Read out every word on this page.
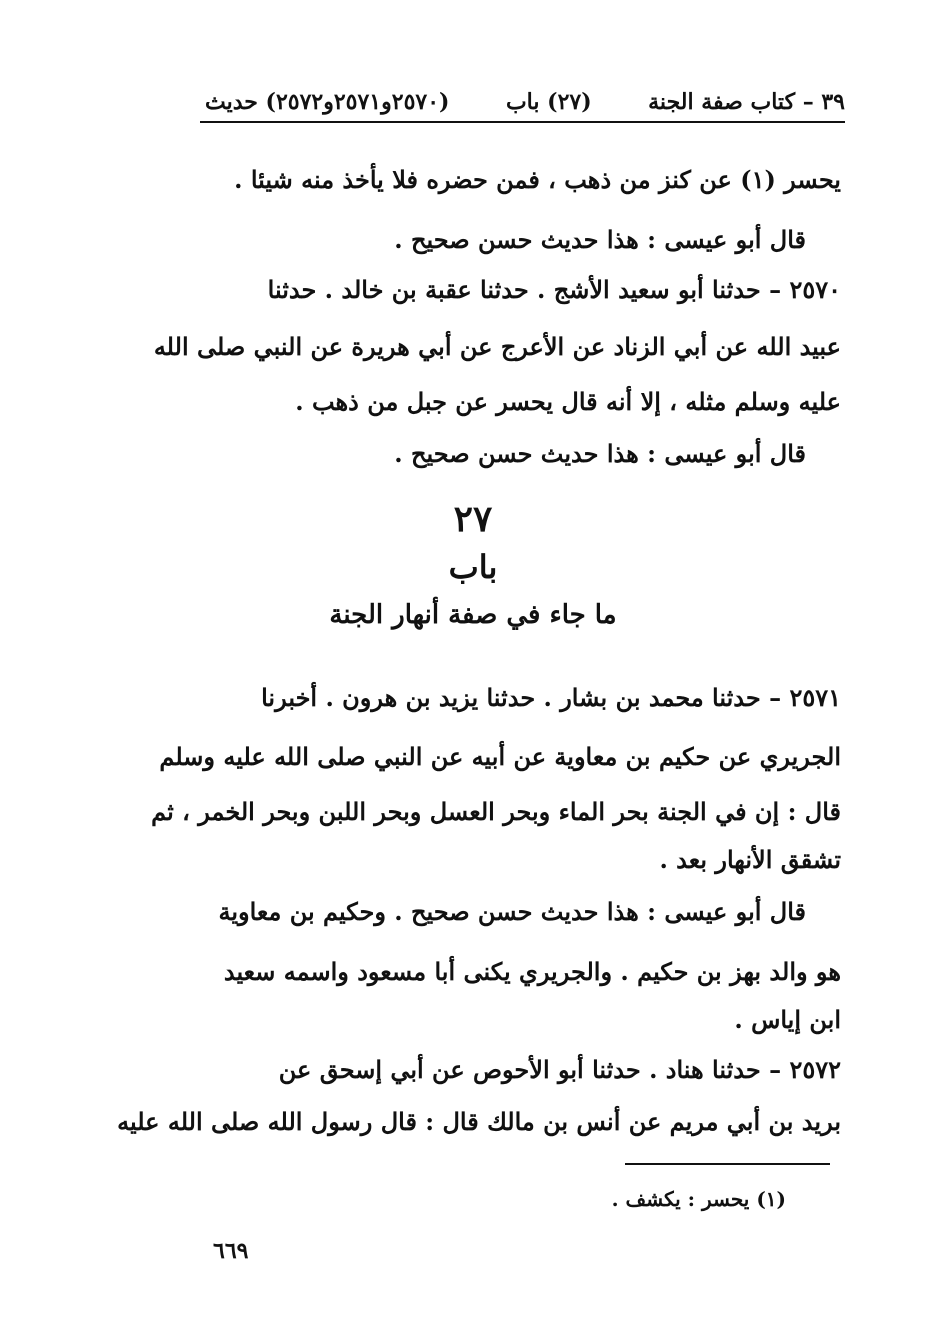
٣٩ – كتاب صفة الجنة
(٢٧) باب
(٢٥٧٠و٢٥٧١و٢٥٧٢) حديث
يحسر (١) عن كنز من ذهب ، فمن حضره فلا يأخذ منه شيئا .
قال أبو عيسى : هذا حديث حسن صحيح .
٢٥٧٠ – حدثنا أبو سعيد الأشج . حدثنا عقبة بن خالد . حدثنا
عبيد الله عن أبي الزناد عن الأعرج عن أبي هريرة عن النبي صلى الله
عليه وسلم مثله ، إلا أنه قال يحسر عن جبل من ذهب .
قال أبو عيسى : هذا حديث حسن صحيح .
٢٧
باب
ما جاء في صفة أنهار الجنة
٢٥٧١ – حدثنا محمد بن بشار . حدثنا يزيد بن هرون . أخبرنا
الجريري عن حكيم بن معاوية عن أبيه عن النبي صلى الله عليه وسلم
قال : إن في الجنة بحر الماء وبحر العسل وبحر اللبن وبحر الخمر ، ثم
تشقق الأنهار بعد .
قال أبو عيسى : هذا حديث حسن صحيح . وحكيم بن معاوية
هو والد بهز بن حكيم . والجريري يكنى أبا مسعود واسمه سعيد
ابن إياس .
٢٥٧٢ – حدثنا هناد . حدثنا أبو الأحوص عن أبي إسحق عن
بريد بن أبي مريم عن أنس بن مالك قال : قال رسول الله صلى الله عليه
(١) يحسر : يكشف .
٦٦٩
